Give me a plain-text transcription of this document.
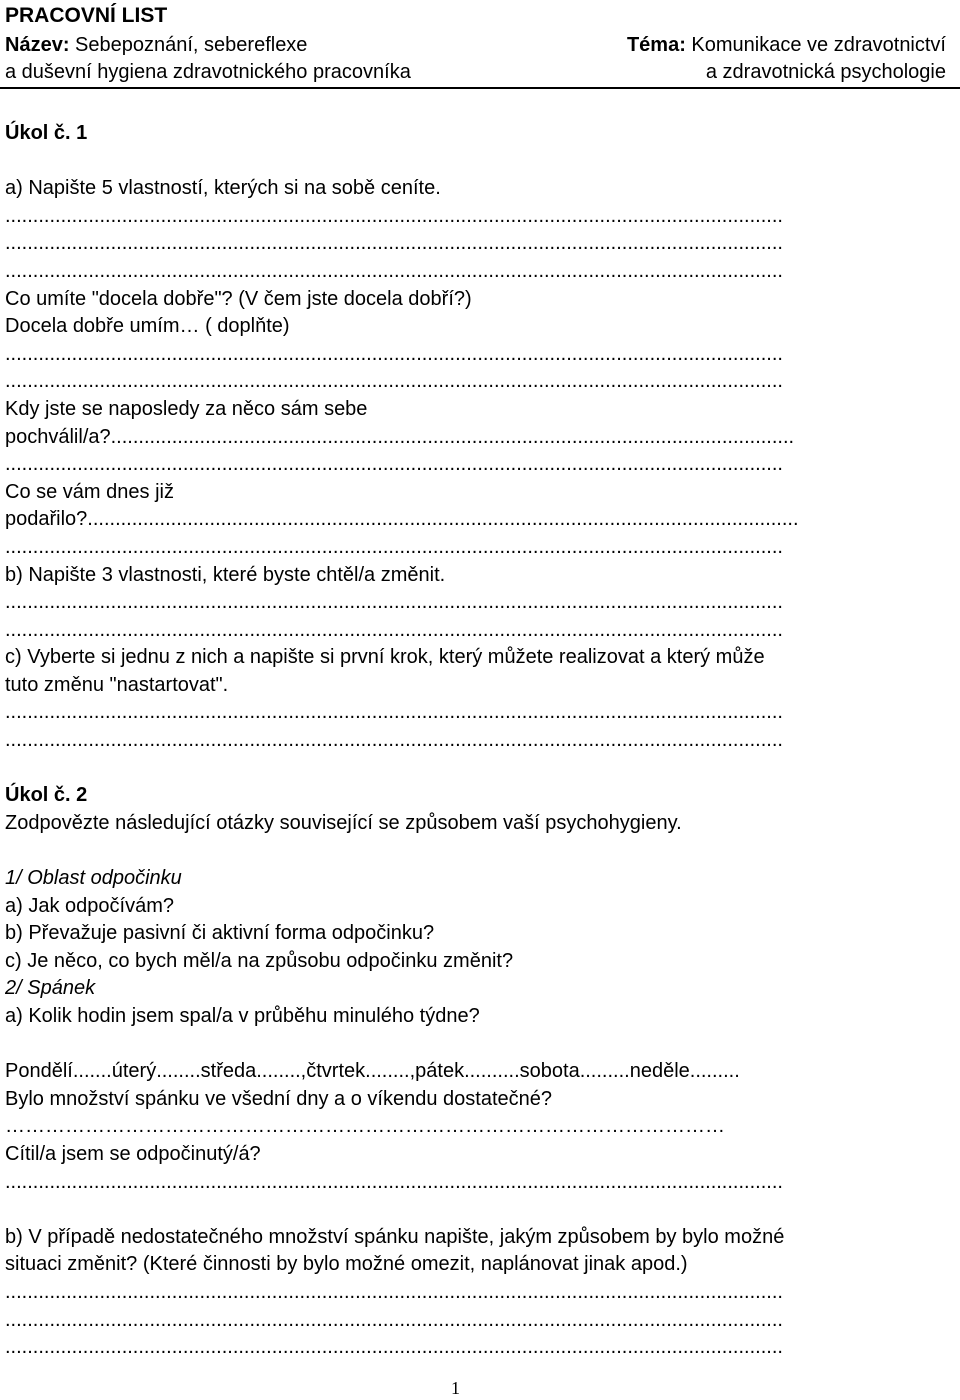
PRACOVNÍ LIST
Název: Sebepoznání, sebereflexe
a duševní hygiena zdravotnického pracovníka
Téma: Komunikace ve zdravotnictví
a zdravotnická psychologie
Úkol č. 1
a) Napište 5 vlastností, kterých si na sobě ceníte.
............................................................................................................................................
............................................................................................................................................
............................................................................................................................................
Co umíte "docela dobře"? (V čem jste docela dobří?)
Docela dobře umím… ( doplňte)
............................................................................................................................................
............................................................................................................................................
Kdy jste se naposledy za něco sám sebe
pochválil/a?...........................................................................................................................
............................................................................................................................................
Co se vám dnes již
podařilo?................................................................................................................................
............................................................................................................................................
b) Napište 3 vlastnosti, které byste chtěl/a změnit.
............................................................................................................................................
............................................................................................................................................
c) Vyberte si jednu z nich a napište si první krok, který můžete realizovat a který může
tuto změnu "nastartovat".
............................................................................................................................................
............................................................................................................................................
Úkol č. 2
Zodpovězte následující otázky související se způsobem vaší psychohygieny.
1/ Oblast odpočinku
a) Jak odpočívám?
b) Převažuje pasivní či aktivní forma odpočinku?
c) Je něco, co bych měl/a na způsobu odpočinku změnit?
2/ Spánek
a) Kolik hodin jsem spal/a v průběhu minulého týdne?
Pondělí.......úterý........středa........,čtvrtek........,pátek..........sobota.........neděle.........
Bylo množství spánku ve všední dny a o víkendu dostatečné?
………………………………………………………………………………………………
Cítil/a jsem se odpočinutý/á?
............................................................................................................................................
b) V případě nedostatečného množství spánku napište, jakým způsobem by bylo možné
situaci změnit? (Které činnosti by bylo možné omezit, naplánovat jinak apod.)
............................................................................................................................................
............................................................................................................................................
............................................................................................................................................
1
